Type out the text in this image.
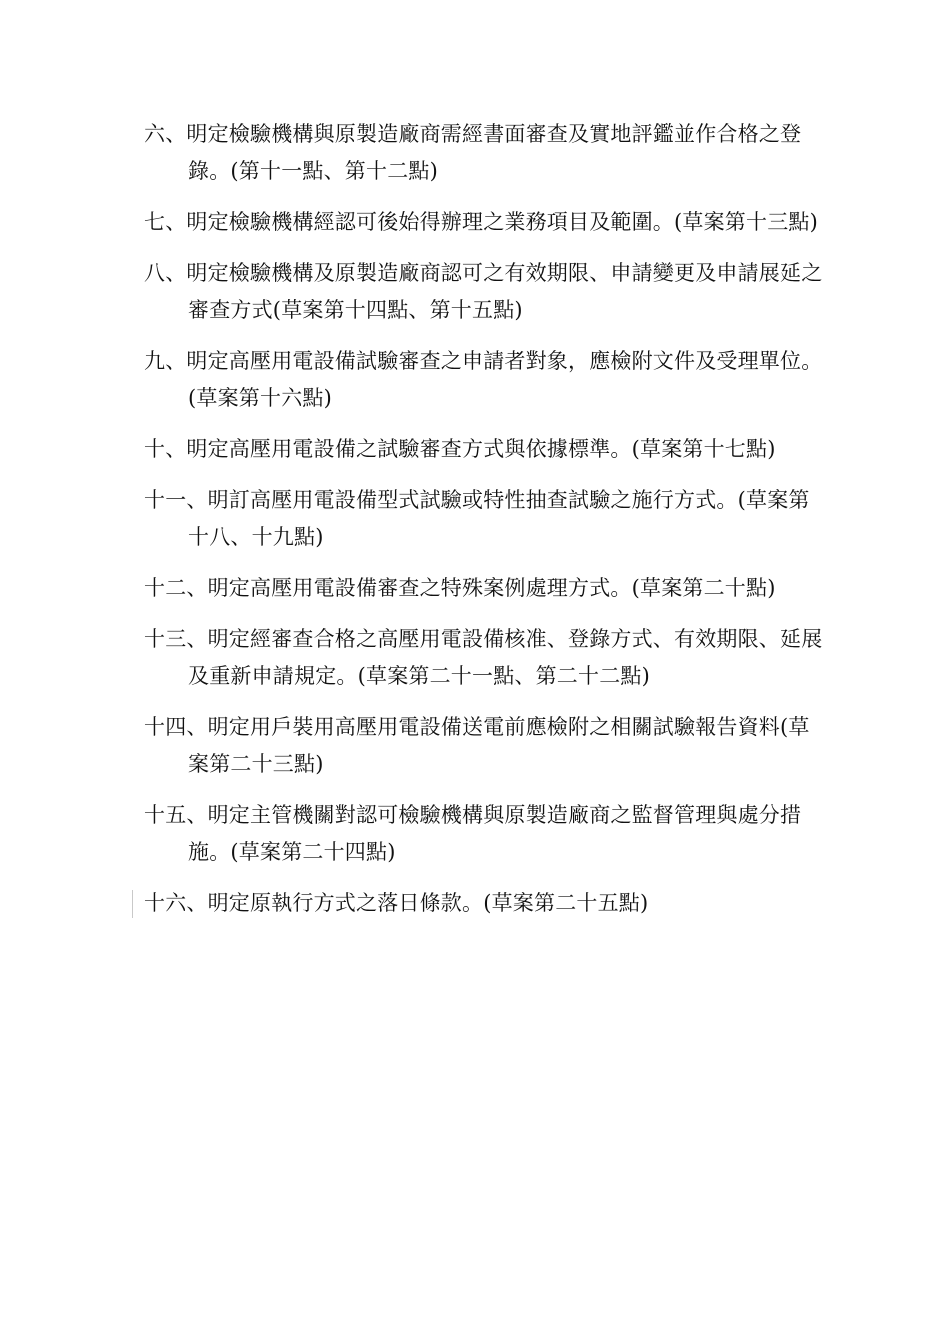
六、明定檢驗機構與原製造廠商需經書面審查及實地評鑑並作合格之登錄。(第十一點、第十二點)

七、明定檢驗機構經認可後始得辦理之業務項目及範圍。(草案第十三點)

八、明定檢驗機構及原製造廠商認可之有效期限、申請變更及申請展延之審查方式(草案第十四點、第十五點)

九、明定高壓用電設備試驗審查之申請者對象，應檢附文件及受理單位。(草案第十六點)

十、明定高壓用電設備之試驗審查方式與依據標準。(草案第十七點)

十一、明訂高壓用電設備型式試驗或特性抽查試驗之施行方式。(草案第十八、十九點)

十二、明定高壓用電設備審查之特殊案例處理方式。(草案第二十點)

十三、明定經審查合格之高壓用電設備核准、登錄方式、有效期限、延展及重新申請規定。(草案第二十一點、第二十二點)

十四、明定用戶裝用高壓用電設備送電前應檢附之相關試驗報告資料(草案第二十三點)

十五、明定主管機關對認可檢驗機構與原製造廠商之監督管理與處分措施。(草案第二十四點)

十六、明定原執行方式之落日條款。(草案第二十五點)
